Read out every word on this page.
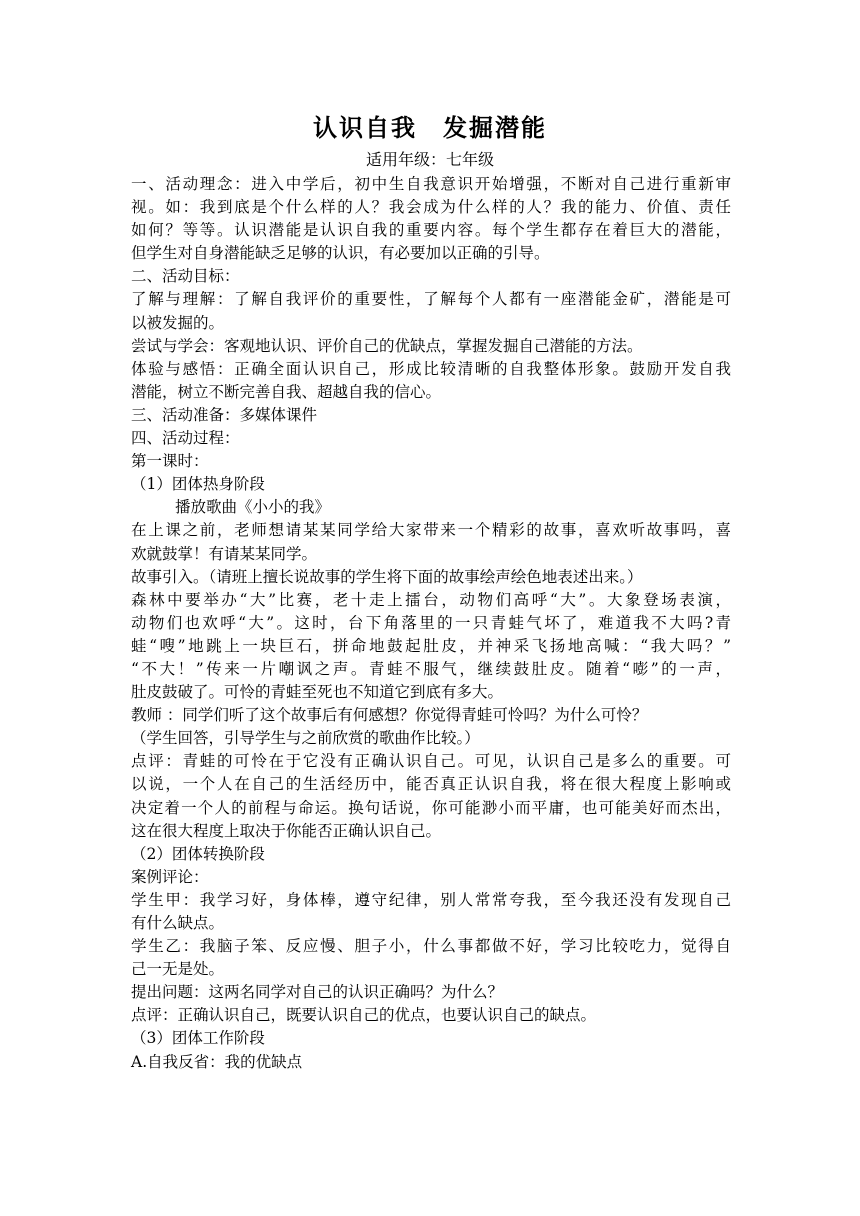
认识自我　发掘潜能
适用年级：七年级
一、活动理念：进入中学后，初中生自我意识开始增强，不断对自己进行重新审
视。如：我到底是个什么样的人？我会成为什么样的人？我的能力、价值、责任
如何？等等。认识潜能是认识自我的重要内容。每个学生都存在着巨大的潜能，
但学生对自身潜能缺乏足够的认识，有必要加以正确的引导。
二、活动目标：
了解与理解：了解自我评价的重要性，了解每个人都有一座潜能金矿，潜能是可
以被发掘的。
尝试与学会：客观地认识、评价自己的优缺点，掌握发掘自己潜能的方法。
体验与感悟：正确全面认识自己，形成比较清晰的自我整体形象。鼓励开发自我
潜能，树立不断完善自我、超越自我的信心。
三、活动准备：多媒体课件
四、活动过程：
第一课时：
（1）团体热身阶段
播放歌曲《小小的我》
在上课之前，老师想请某某同学给大家带来一个精彩的故事，喜欢听故事吗，喜
欢就鼓掌！有请某某同学。
故事引入。（请班上擅长说故事的学生将下面的故事绘声绘色地表述出来。）
森林中要举办“大”比赛，老十走上擂台，动物们高呼“大”。大象登场表演，
动物们也欢呼“大”。这时，台下角落里的一只青蛙气坏了，难道我不大吗?青
蛙“嗖”地跳上一块巨石，拼命地鼓起肚皮，并神采飞扬地高喊：“我大吗？”
“不大！”传来一片嘲讽之声。青蛙不服气，继续鼓肚皮。随着“嘭”的一声，
肚皮鼓破了。可怜的青蛙至死也不知道它到底有多大。
教师 ：同学们听了这个故事后有何感想？你觉得青蛙可怜吗？为什么可怜？
（学生回答，引导学生与之前欣赏的歌曲作比较。）
点评：青蛙的可怜在于它没有正确认识自己。可见，认识自己是多么的重要。可
以说，一个人在自己的生活经历中，能否真正认识自我，将在很大程度上影响或
决定着一个人的前程与命运。换句话说，你可能渺小而平庸，也可能美好而杰出，
这在很大程度上取决于你能否正确认识自己。
（2）团体转换阶段
案例评论：
学生甲：我学习好，身体棒，遵守纪律，别人常常夸我，至今我还没有发现自己
有什么缺点。
学生乙：我脑子笨、反应慢、胆子小，什么事都做不好，学习比较吃力，觉得自
己一无是处。
提出问题：这两名同学对自己的认识正确吗？为什么？
点评：正确认识自己，既要认识自己的优点，也要认识自己的缺点。
（3）团体工作阶段
A.自我反省：我的优缺点
